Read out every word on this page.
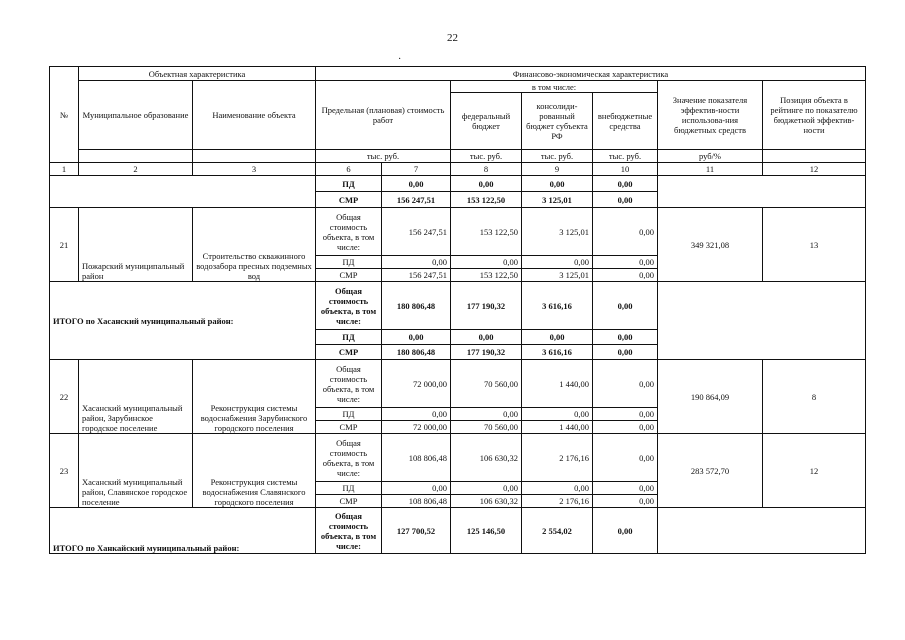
22
·
№	Объектная характеристика		Финансово-экономическая характеристика						
	Муниципальное образование	Наименование объекта	Предельная (плановая) стоимость работ		в том числе:			Значение показателя эффектив-ности использова-ния бюджетных средств	Позиция объекта в рейтинге по показателю бюджетной эффектив-ности
					федеральный бюджет	консолиди-рованный бюджет субъекта РФ	внебюджетные средства		
			тыс. руб.		тыс. руб.	тыс. руб.	тыс. руб.	руб/%	
1	2	3	6	7	8	9	10	11	12
			ПД	0,00	0,00	0,00	0,00		
			СМР	156 247,51	153 122,50	3 125,01	0,00		
21	Пожарский муниципальный район	Строительство скважинного водозабора пресных подземных вод	Общая стоимость объекта, в том числе:	156 247,51	153 122,50	3 125,01	0,00	349 321,08	13
			ПД	0,00	0,00	0,00	0,00		
			СМР	156 247,51	153 122,50	3 125,01	0,00		
ИТОГО по Хасанский муниципальный район:			Общая стоимость объекта, в том числе:	180 806,48	177 190,32	3 616,16	0,00		
			ПД	0,00	0,00	0,00	0,00		
			СМР	180 806,48	177 190,32	3 616,16	0,00		
22	Хасанский муниципальный район, Зарубинское городское поселение	Реконструкция системы водоснабжения Зарубинского городского поселения	Общая стоимость объекта, в том числе:	72 000,00	70 560,00	1 440,00	0,00	190 864,09	8
			ПД	0,00	0,00	0,00	0,00		
			СМР	72 000,00	70 560,00	1 440,00	0,00		
23	Хасанский муниципальный район, Славянское городское поселение	Реконструкция системы водоснабжения Славянского городского поселения	Общая стоимость объекта, в том числе:	108 806,48	106 630,32	2 176,16	0,00	283 572,70	12
			ПД	0,00	0,00	0,00	0,00		
			СМР	108 806,48	106 630,32	2 176,16	0,00		
ИТОГО по Ханкайский муниципальный район:			Общая стоимость объекта, в том числе:	127 700,52	125 146,50	2 554,02	0,00		
